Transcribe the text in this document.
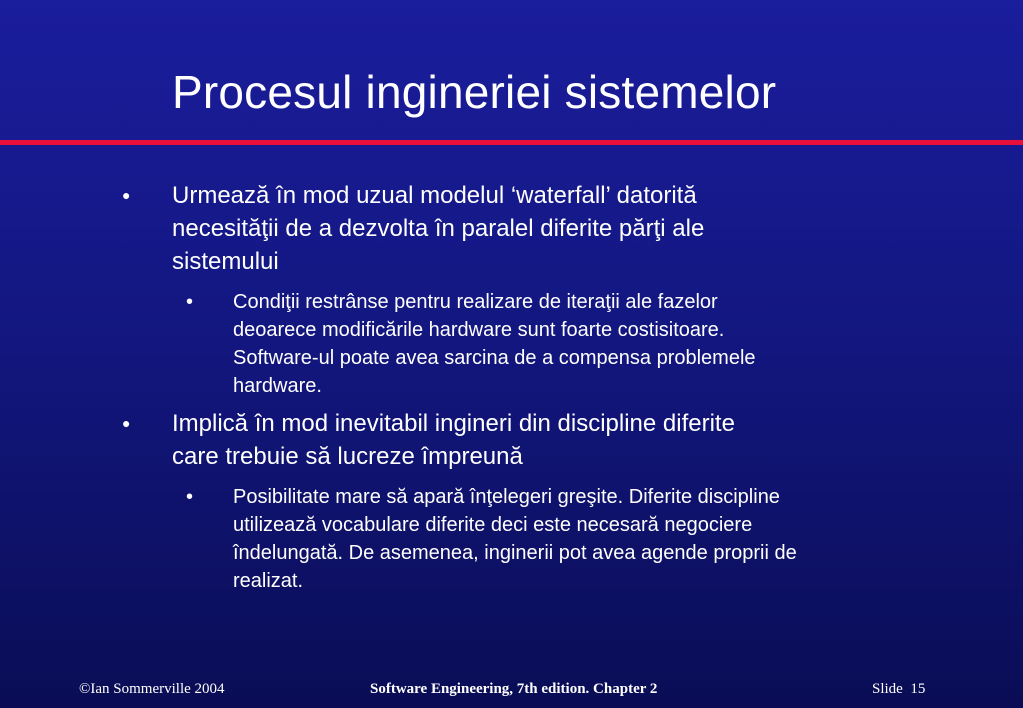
Procesul ingineriei sistemelor
● Urmează în mod uzual modelul ‘waterfall’ datorită
necesităţii de a dezvolta în paralel diferite părţi ale
sistemului
• Condiţii restrânse pentru realizare de iteraţii ale fazelor
deoarece modificările hardware sunt foarte costisitoare.
Software-ul poate avea sarcina de a compensa problemele
hardware.
● Implică în mod inevitabil ingineri din discipline diferite
care trebuie să lucreze împreună
• Posibilitate mare să apară înţelegeri greşite. Diferite discipline
utilizează vocabulare diferite deci este necesară negociere
îndelungată. De asemenea, inginerii pot avea agende proprii de
realizat.
©Ian Sommerville 2004	Software Engineering, 7th edition. Chapter 2	Slide 15
